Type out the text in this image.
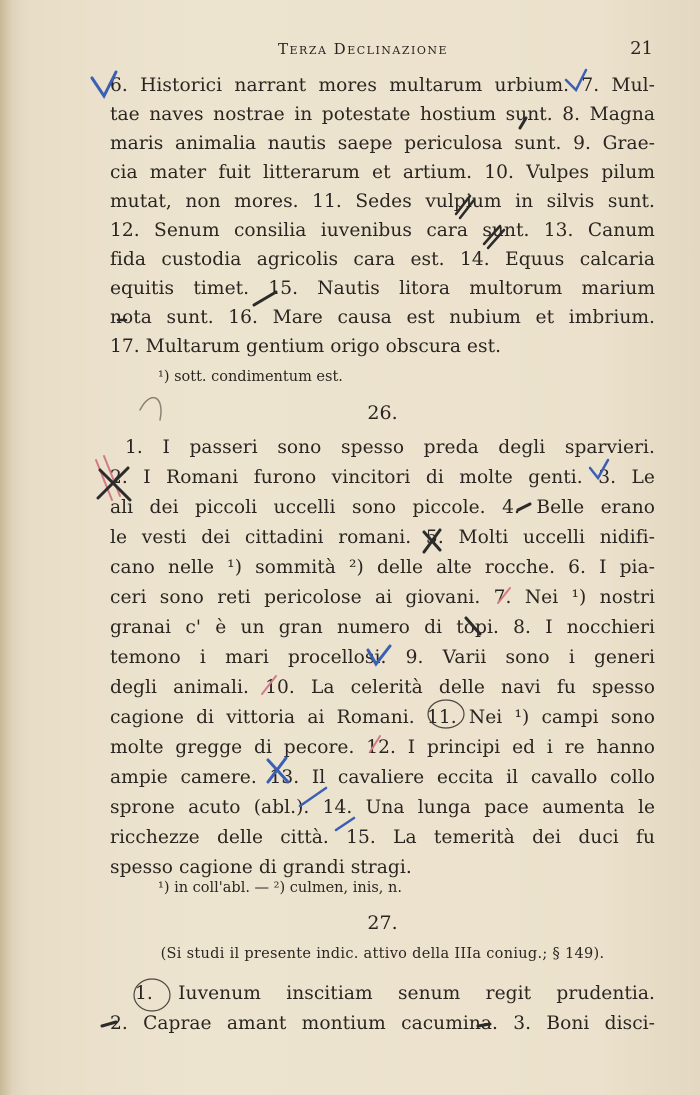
Terza Declinazione	21
6. Historici narrant mores multarum urbium. 7. Mul-
tae naves nostrae in potestate hostium sunt. 8. Magna
maris animalia nautis saepe periculosa sunt. 9. Grae-
cia mater fuit litterarum et artium. 10. Vulpes pilum
mutat, non mores. 11. Sedes vulpium in silvis sunt.
12. Senum consilia iuvenibus cara sunt. 13. Canum
fida custodia agricolis cara est. 14. Equus calcaria
equitis timet. 15. Nautis litora multorum marium
nota sunt. 16. Mare causa est nubium et imbrium.
17. Multarum gentium origo obscura est.
¹) sott. condimentum est.
26.
1. I passeri sono spesso preda degli sparvieri.
2. I Romani furono vincitori di molte genti. 3. Le
ali dei piccoli uccelli sono piccole. 4. Belle erano
le vesti dei cittadini romani. 5. Molti uccelli nidifi-
cano nelle ¹) sommità ²) delle alte rocche. 6. I pia-
ceri sono reti pericolose ai giovani. 7. Nei ¹) nostri
granai c' è un gran numero di topi. 8. I nocchieri
temono i mari procellosi. 9. Varii sono i generi
degli animali. 10. La celerità delle navi fu spesso
cagione di vittoria ai Romani. 11. Nei ¹) campi sono
molte gregge di pecore. 12. I principi ed i re hanno
ampie camere. 13. Il cavaliere eccita il cavallo collo
sprone acuto (abl.). 14. Una lunga pace aumenta le
ricchezze delle città. 15. La temerità dei duci fu
spesso cagione di grandi stragi.
¹) in coll'abl. — ²) culmen, inis, n.
27.
(Si studi il presente indic. attivo della IIIa coniug.; § 149).
1. Iuvenum inscitiam senum regit prudentia.
2. Caprae amant montium cacumina. 3. Boni disci-
